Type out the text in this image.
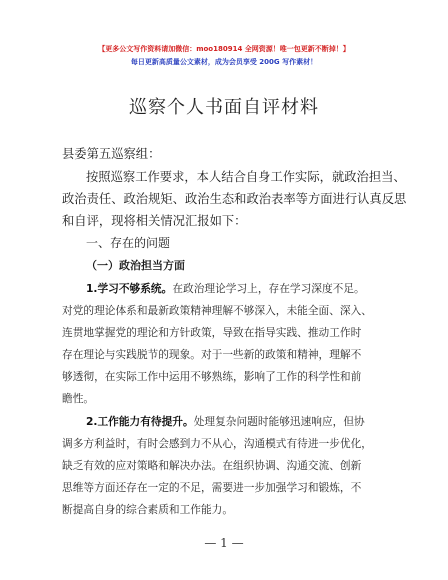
【更多公文写作资料请加微信：moo180914 全网资源！唯一包更新不断掉！】
每日更新高质量公文素材，成为会员享受 200G 写作素材！
巡察个人书面自评材料
县委第五巡察组：
按照巡察工作要求，本人结合自身工作实际，就政治担当、
政治责任、政治规矩、政治生态和政治表率等方面进行认真反思
和自评，现将相关情况汇报如下：
一、存在的问题
（一）政治担当方面
1.学习不够系统。在政治理论学习上，存在学习深度不足。
对党的理论体系和最新政策精神理解不够深入，未能全面、深入、
连贯地掌握党的理论和方针政策，导致在指导实践、推动工作时
存在理论与实践脱节的现象。对于一些新的政策和精神，理解不
够透彻，在实际工作中运用不够熟练，影响了工作的科学性和前
瞻性。
2.工作能力有待提升。处理复杂问题时能够迅速响应，但协
调多方利益时，有时会感到力不从心，沟通模式有待进一步优化，
缺乏有效的应对策略和解决办法。在组织协调、沟通交流、创新
思维等方面还存在一定的不足，需要进一步加强学习和锻炼，不
断提高自身的综合素质和工作能力。
— 1 —
